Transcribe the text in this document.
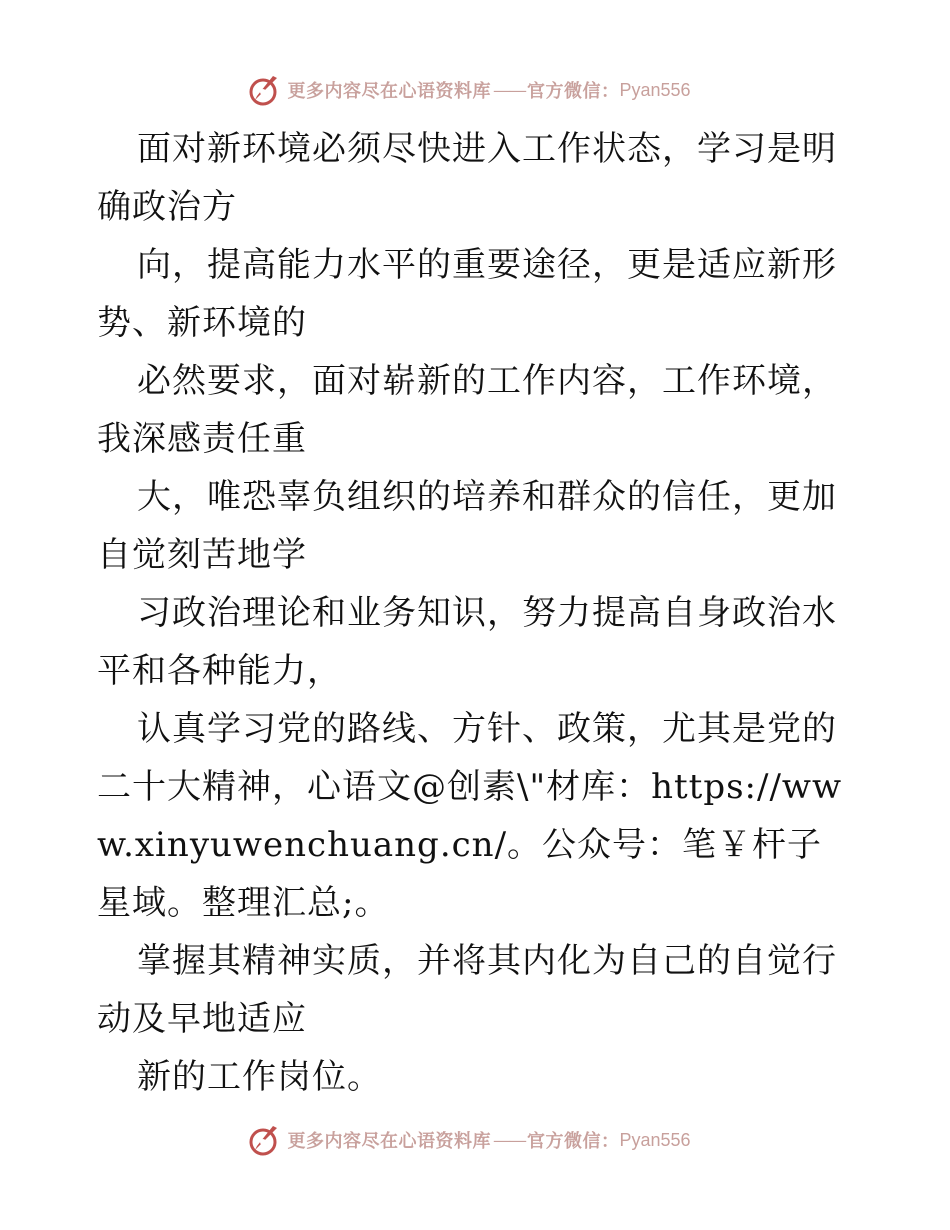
更多内容尽在心语资料库 —— 官方微信： Pyan556

面对新环境必须尽快进入工作状态，学习是明确政治方

向，提高能力水平的重要途径，更是适应新形势、新环境的

必然要求，面对崭新的工作内容，工作环境，我深感责任重

大，唯恐辜负组织的培养和群众的信任，更加自觉刻苦地学

习政治理论和业务知识，努力提高自身政治水平和各种能力，

认真学习党的路线、方针、政策，尤其是党的二十大精神，心语文@创素\"材库：https://www.xinyuwenchuang.cn/。公众号：笔￥杆子星域。整理汇总;。

掌握其精神实质，并将其内化为自己的自觉行动及早地适应

新的工作岗位。

更多内容尽在心语资料库 —— 官方微信： Pyan556
